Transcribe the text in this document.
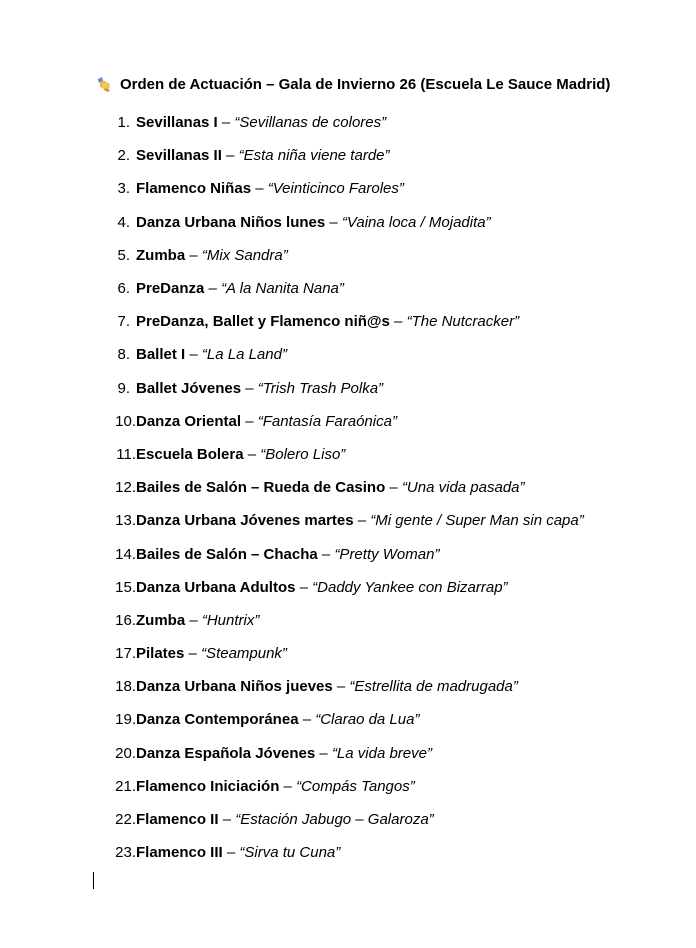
Orden de Actuación – Gala de Invierno 26 (Escuela Le Sauce Madrid)
1. Sevillanas I – “Sevillanas de colores”
2. Sevillanas II – “Esta niña viene tarde”
3. Flamenco Niñas – “Veinticinco Faroles”
4. Danza Urbana Niños lunes – “Vaina loca / Mojadita”
5. Zumba – “Mix Sandra”
6. PreDanza – “A la Nanita Nana”
7. PreDanza, Ballet y Flamenco niñ@s – “The Nutcracker”
8. Ballet I – “La La Land”
9. Ballet Jóvenes – “Trish Trash Polka”
10. Danza Oriental – “Fantasía Faraónica”
11. Escuela Bolera – “Bolero Liso”
12. Bailes de Salón – Rueda de Casino – “Una vida pasada”
13. Danza Urbana Jóvenes martes – “Mi gente / Super Man sin capa”
14. Bailes de Salón – Chacha – “Pretty Woman”
15. Danza Urbana Adultos – “Daddy Yankee con Bizarrap”
16. Zumba – “Huntrix”
17. Pilates – “Steampunk”
18. Danza Urbana Niños jueves – “Estrellita de madrugada”
19. Danza Contemporánea – “Clarao da Lua”
20. Danza Española Jóvenes – “La vida breve”
21. Flamenco Iniciación – “Compás Tangos”
22. Flamenco II – “Estación Jabugo – Galaroza”
23. Flamenco III – “Sirva tu Cuna”
